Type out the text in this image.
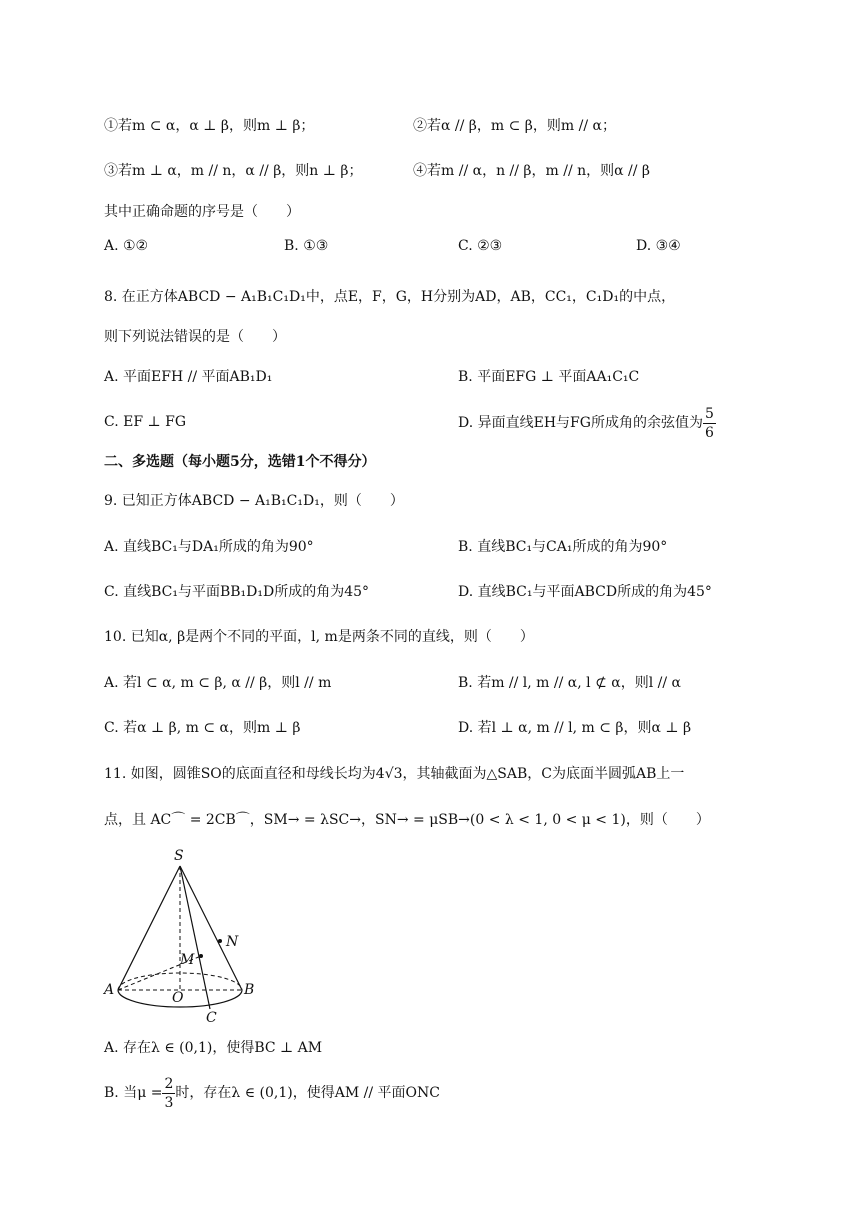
①若m ⊂ α，α ⊥ β，则m ⊥ β；	②若α // β，m ⊂ β，则m // α；
③若m ⊥ α，m // n，α // β，则n ⊥ β；	④若m // α，n // β，m // n，则α // β
其中正确命题的序号是（　　）
A. ①②	B. ①③	C. ②③	D. ③④
8. 在正方体ABCD − A₁B₁C₁D₁中，点E，F，G，H分别为AD，AB，CC₁，C₁D₁的中点，
则下列说法错误的是（　　）
A. 平面EFH // 平面AB₁D₁	B. 平面EFG ⊥ 平面AA₁C₁C
C. EF ⊥ FG	D. 异面直线EH与FG所成角的余弦值为 $\frac{5}{6}$
二、多选题（每小题5分，选错1个不得分）
9. 已知正方体ABCD − A₁B₁C₁D₁，则（　　）
A. 直线BC₁与DA₁所成的角为90°	B. 直线BC₁与CA₁所成的角为90°
C. 直线BC₁与平面BB₁D₁D所成的角为45°	D. 直线BC₁与平面ABCD所成的角为45°
10. 已知α, β是两个不同的平面，l, m是两条不同的直线，则（　　）
A. 若l ⊂ α, m ⊂ β, α // β，则l // m	B. 若m // l, m // α, l ⊄ α，则l // α
C. 若α ⊥ β, m ⊂ α，则m ⊥ β	D. 若l ⊥ α, m // l, m ⊂ β，则α ⊥ β
11. 如图，圆锥SO的底面直径和母线长均为4√3，其轴截面为△SAB，C为底面半圆弧AB上一
点，且 AC⌒ = 2CB⌒，SM→ = λSC→，SN→ = μSB→(0 < λ < 1, 0 < μ < 1)，则（　　）
S
N
M
A	O	B
C
A. 存在λ ∈ (0,1)，使得BC ⊥ AM
B. 当$\mu = \frac{2}{3}$ 时，存在λ ∈ (0,1)，使得AM // 平面ONC
